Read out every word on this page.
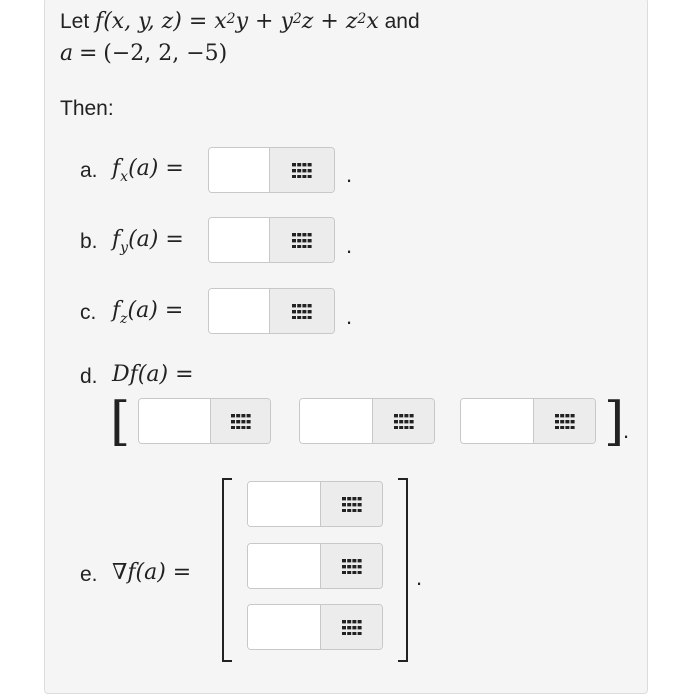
Let f(x, y, $z) = x^2y + y^2z + z^2x$ and
a = (−2, 2, −5)
Then:
a. $f_x(a)$ =	.
b. $f_y(a)$ =	.
c. $f_z(a)$ =	.
d. Df(a) =
[	]
.
e. ∇f(a) =	.
